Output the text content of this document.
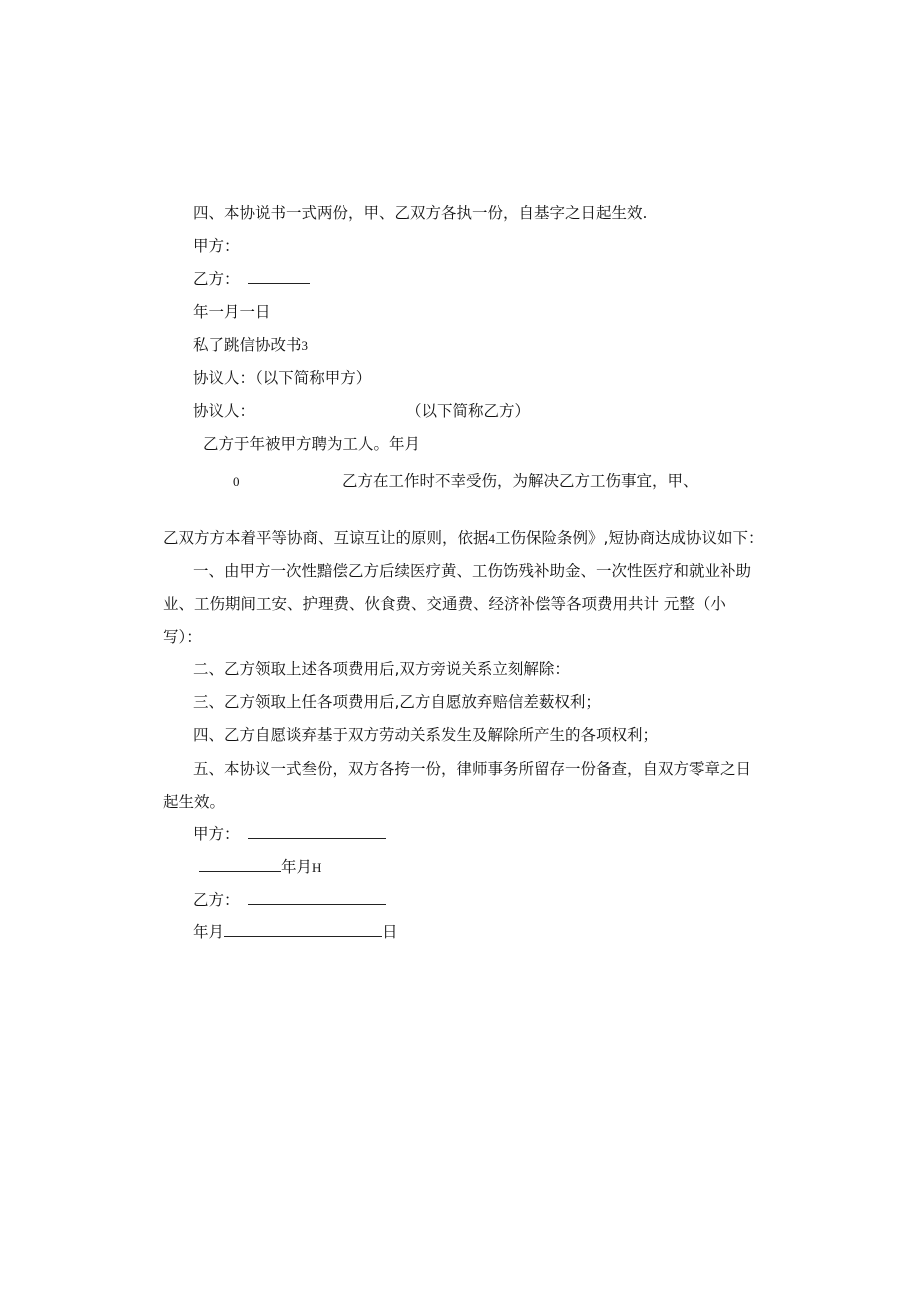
四、本协说书一式两份，甲、乙双方各执一份，自基字之日起生效.
甲方：
乙方：
年一月一日
私了跳信协改书3
协议人：（以下简称甲方）
协议人：	（以下简称乙方）
乙方于年被甲方聘为工人。年月
0	乙方在工作时不幸受伤，为解决乙方工伤事宜，甲、
乙双方方本着平等协商、互谅互让的原则，依据4工伤保险条例》,短协商达成协议如下：
一、由甲方一次性黯偿乙方后续医疗黄、工伤饬残补助金、一次性医疗和就业补助
业、工伤期间工安、护理费、伙食费、交通费、经济补偿等各项费用共计 元整（小
写）：
二、乙方领取上述各项费用后,双方旁说关系立刻解除：
三、乙方领取上任各项费用后,乙方自愿放弃赔信差薮权利；
四、乙方自愿谈弃基于双方劳动关系发生及解除所产生的各项权利；
五、本协议一式叁份，双方各挎一份，律师事务所留存一份备查，自双方零章之日
起生效。
甲方：
年月H
乙方：
年月	日
